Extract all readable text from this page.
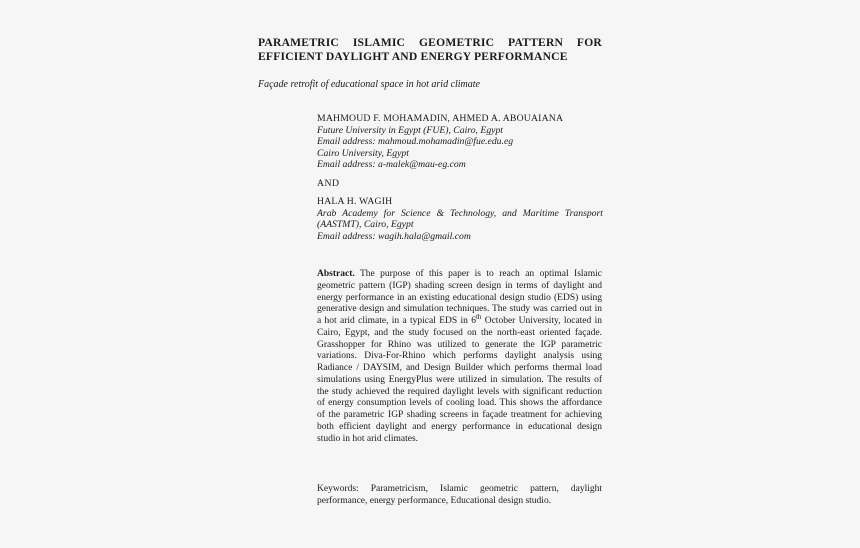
PARAMETRIC ISLAMIC GEOMETRIC PATTERN FOR
EFFICIENT DAYLIGHT AND ENERGY PERFORMANCE
Façade retrofit of educational space in hot arid climate
MAHMOUD F. MOHAMADIN, AHMED A. ABOUAIANA
Future University in Egypt (FUE), Cairo, Egypt
Email address: mahmoud.mohamadin@fue.edu.eg
Cairo University, Egypt
Email address: a-malek@mau-eg.com
AND
HALA H. WAGIH
Arab Academy for Science & Technology, and Maritime Transport (AASTMT), Cairo, Egypt
Email address: wagih.hala@gmail.com
Abstract. The purpose of this paper is to reach an optimal Islamic geometric pattern (IGP) shading screen design in terms of daylight and energy performance in an existing educational design studio (EDS) using generative design and simulation techniques. The study was carried out in a hot arid climate, in a typical EDS in 6th October University, located in Cairo, Egypt, and the study focused on the north-east oriented façade. Grasshopper for Rhino was utilized to generate the IGP parametric variations. Diva-For-Rhino which performs daylight analysis using Radiance / DAYSIM, and Design Builder which performs thermal load simulations using EnergyPlus were utilized in simulation. The results of the study achieved the required daylight levels with significant reduction of energy consumption levels of cooling load. This shows the affordance of the parametric IGP shading screens in façade treatment for achieving both efficient daylight and energy performance in educational design studio in hot arid climates.
Keywords: Parametricism, Islamic geometric pattern, daylight performance, energy performance, Educational design studio.
